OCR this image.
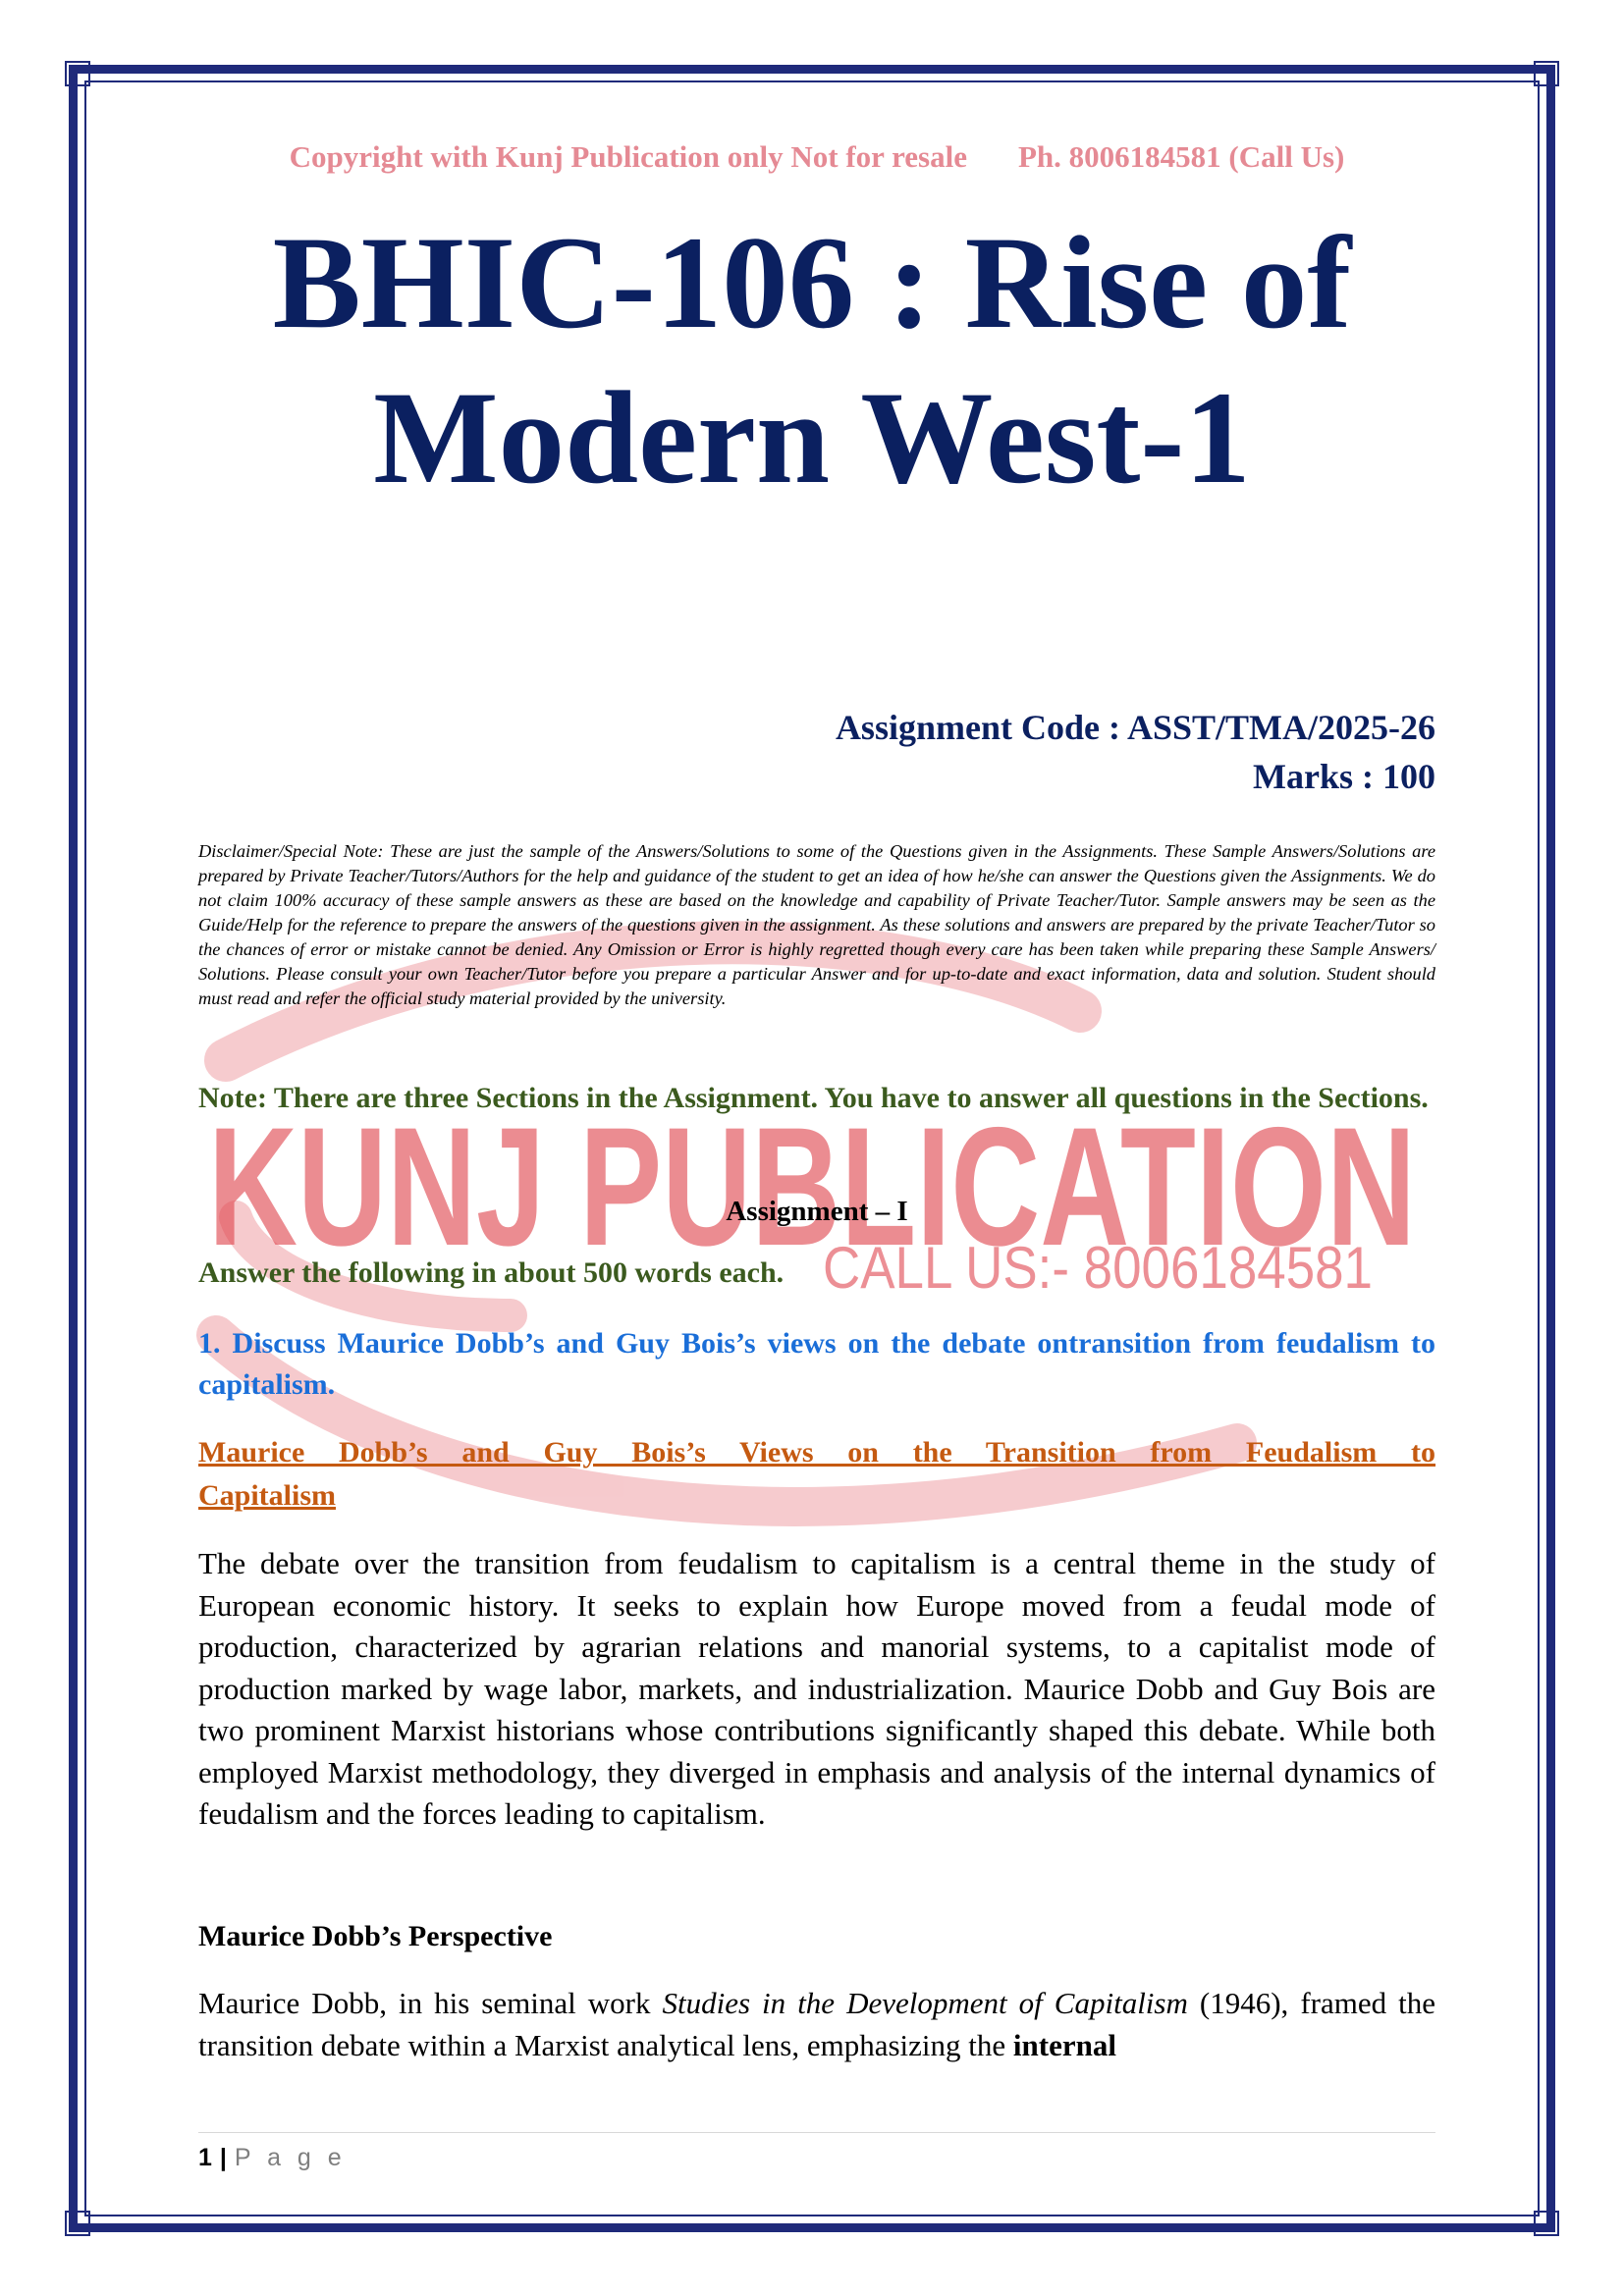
KUNJ PUBLICATION
CALL US:- 8006184581
Copyright with Kunj Publication only Not for resale Ph. 8006184581 (Call Us)
BHIC-106 : Rise of
Modern West-1
Assignment Code : ASST/TMA/2025-26
Marks : 100
Disclaimer/Special Note: These are just the sample of the Answers/Solutions to some of the Questions given in the Assignments. These Sample Answers/Solutions are prepared by Private Teacher/Tutors/Authors for the help and guidance of the student to get an idea of how he/she can answer the Questions given the Assignments. We do not claim 100% accuracy of these sample answers as these are based on the knowledge and capability of Private Teacher/Tutor. Sample answers may be seen as the Guide/Help for the reference to prepare the answers of the questions given in the assignment. As these solutions and answers are prepared by the private Teacher/Tutor so the chances of error or mistake cannot be denied. Any Omission or Error is highly regretted though every care has been taken while preparing these Sample Answers/ Solutions. Please consult your own Teacher/Tutor before you prepare a particular Answer and for up-to-date and exact information, data and solution. Student should must read and refer the official study material provided by the university.
Note: There are three Sections in the Assignment. You have to answer all questions in the Sections.
Assignment – I
Answer the following in about 500 words each.
1. Discuss Maurice Dobb’s and Guy Bois’s views on the debate ontransition from feudalism to capitalism.
Maurice Dobb’s and Guy Bois’s Views on the Transition from Feudalism to
Capitalism
The debate over the transition from feudalism to capitalism is a central theme in the study of European economic history. It seeks to explain how Europe moved from a feudal mode of production, characterized by agrarian relations and manorial systems, to a capitalist mode of production marked by wage labor, markets, and industrialization. Maurice Dobb and Guy Bois are two prominent Marxist historians whose contributions significantly shaped this debate. While both employed Marxist methodology, they diverged in emphasis and analysis of the internal dynamics of feudalism and the forces leading to capitalism.
Maurice Dobb’s Perspective
Maurice Dobb, in his seminal work Studies in the Development of Capitalism (1946), framed the transition debate within a Marxist analytical lens, emphasizing the internal
1 | P a g e
